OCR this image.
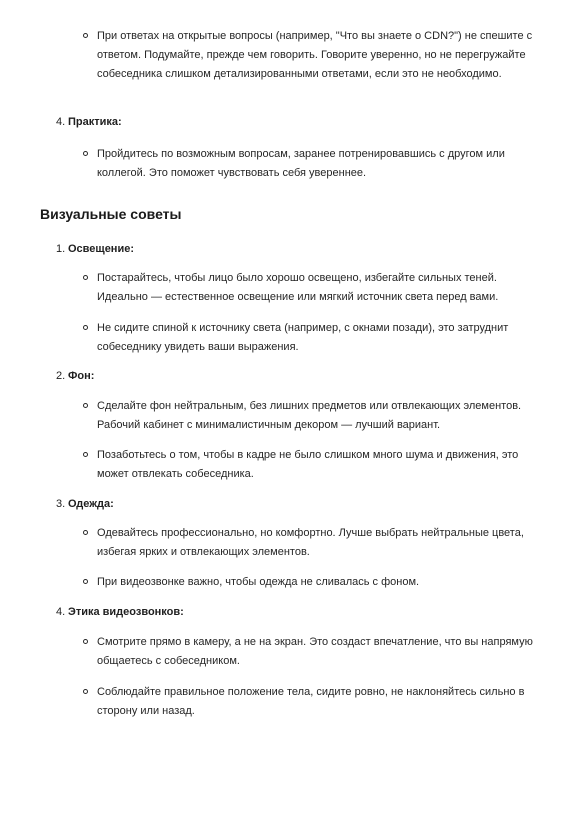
При ответах на открытые вопросы (например, "Что вы знаете о CDN?") не спешите с ответом. Подумайте, прежде чем говорить. Говорите уверенно, но не перегружайте собеседника слишком детализированными ответами, если это не необходимо.
4. Практика:
Пройдитесь по возможным вопросам, заранее потренировавшись с другом или коллегой. Это поможет чувствовать себя увереннее.
Визуальные советы
1. Освещение:
Постарайтесь, чтобы лицо было хорошо освещено, избегайте сильных теней. Идеально — естественное освещение или мягкий источник света перед вами.
Не сидите спиной к источнику света (например, с окнами позади), это затруднит собеседнику увидеть ваши выражения.
2. Фон:
Сделайте фон нейтральным, без лишних предметов или отвлекающих элементов. Рабочий кабинет с минималистичным декором — лучший вариант.
Позаботьтесь о том, чтобы в кадре не было слишком много шума и движения, это может отвлекать собеседника.
3. Одежда:
Одевайтесь профессионально, но комфортно. Лучше выбрать нейтральные цвета, избегая ярких и отвлекающих элементов.
При видеозвонке важно, чтобы одежда не сливалась с фоном.
4. Этика видеозвонков:
Смотрите прямо в камеру, а не на экран. Это создаст впечатление, что вы напрямую общаетесь с собеседником.
Соблюдайте правильное положение тела, сидите ровно, не наклоняйтесь сильно в сторону или назад.
